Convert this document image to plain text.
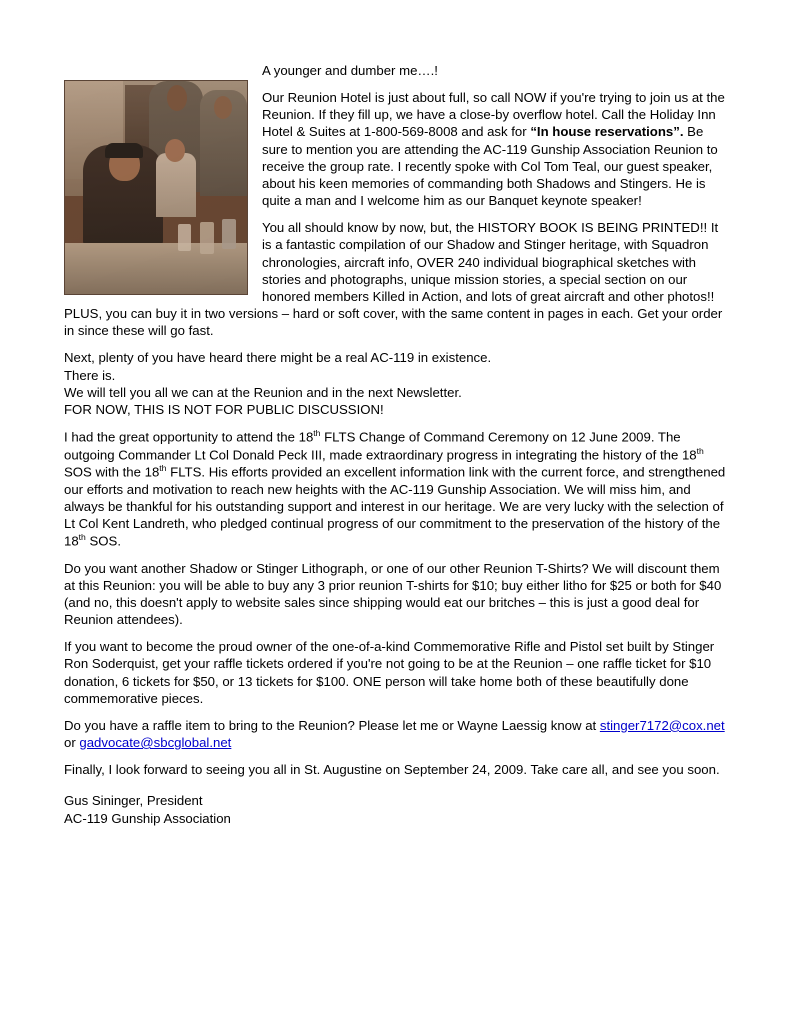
A younger and dumber me….!

Our Reunion Hotel is just about full, so call NOW if you're trying to join us at the Reunion. If they fill up, we have a close-by overflow hotel. Call the Holiday Inn Hotel & Suites at 1-800-569-8008 and ask for “In house reservations”. Be sure to mention you are attending the AC-119 Gunship Association Reunion to receive the group rate. I recently spoke with Col Tom Teal, our guest speaker, about his keen memories of commanding both Shadows and Stingers. He is quite a man and I welcome him as our Banquet keynote speaker!

You all should know by now, but, the HISTORY BOOK IS BEING PRINTED!! It is a fantastic compilation of our Shadow and Stinger heritage, with Squadron chronologies, aircraft info, OVER 240 individual biographical sketches with stories and photographs, unique mission stories, a special section on our honored members Killed in Action, and lots of great aircraft and other photos!! PLUS, you can buy it in two versions – hard or soft cover, with the same content in pages in each. Get your order in since these will go fast.

Next, plenty of you have heard there might be a real AC-119 in existence.

There is.

We will tell you all we can at the Reunion and in the next Newsletter.

FOR NOW, THIS IS NOT FOR PUBLIC DISCUSSION!

I had the great opportunity to attend the 18th FLTS Change of Command Ceremony on 12 June 2009. The outgoing Commander Lt Col Donald Peck III, made extraordinary progress in integrating the history of the 18th SOS with the 18th FLTS. His efforts provided an excellent information link with the current force, and strengthened our efforts and motivation to reach new heights with the AC-119 Gunship Association. We will miss him, and always be thankful for his outstanding support and interest in our heritage. We are very lucky with the selection of Lt Col Kent Landreth, who pledged continual progress of our commitment to the preservation of the history of the 18th SOS.

Do you want another Shadow or Stinger Lithograph, or one of our other Reunion T-Shirts? We will discount them at this Reunion: you will be able to buy any 3 prior reunion T-shirts for $10; buy either litho for $25 or both for $40 (and no, this doesn't apply to website sales since shipping would eat our britches – this is just a good deal for Reunion attendees).

If you want to become the proud owner of the one-of-a-kind Commemorative Rifle and Pistol set built by Stinger Ron Soderquist, get your raffle tickets ordered if you're not going to be at the Reunion – one raffle ticket for $10 donation, 6 tickets for $50, or 13 tickets for $100. ONE person will take home both of these beautifully done commemorative pieces.

Do you have a raffle item to bring to the Reunion? Please let me or Wayne Laessig know at stinger7172@cox.net or gadvocate@sbcglobal.net

Finally, I look forward to seeing you all in St. Augustine on September 24, 2009. Take care all, and see you soon.

Gus Sininger, President
AC-119 Gunship Association
